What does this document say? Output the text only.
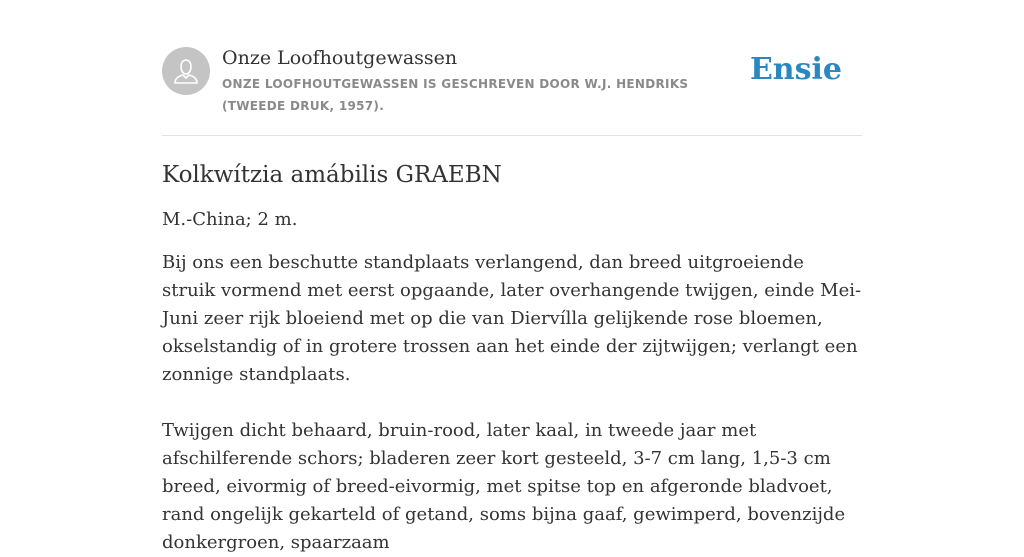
Onze Loofhoutgewassen
ONZE LOOFHOUTGEWASSEN IS GESCHREVEN DOOR W.J. HENDRIKS (TWEEDE DRUK, 1957).
Ensie
Kolkwítzia amábilis GRAEBN

M.-China; 2 m.

Bij ons een beschutte standplaats verlangend, dan breed uitgroeiende struik vormend met eerst opgaande, later overhangende twijgen, einde Mei-Juni zeer rijk bloeiend met op die van Diervílla gelijkende rose bloemen, okselstandig of in grotere trossen aan het einde der zijtwijgen; verlangt een zonnige standplaats.

Twijgen dicht behaard, bruin-rood, later kaal, in tweede jaar met afschilferende schors; bladeren zeer kort gesteeld, 3-7 cm lang, 1,5-3 cm breed, eivormig of breed-eivormig, met spitse top en afgeronde bladvoet, rand ongelijk gekarteld of getand, soms bijna gaaf, gewimperd, bovenzijde donkergroen, spaarzaam
